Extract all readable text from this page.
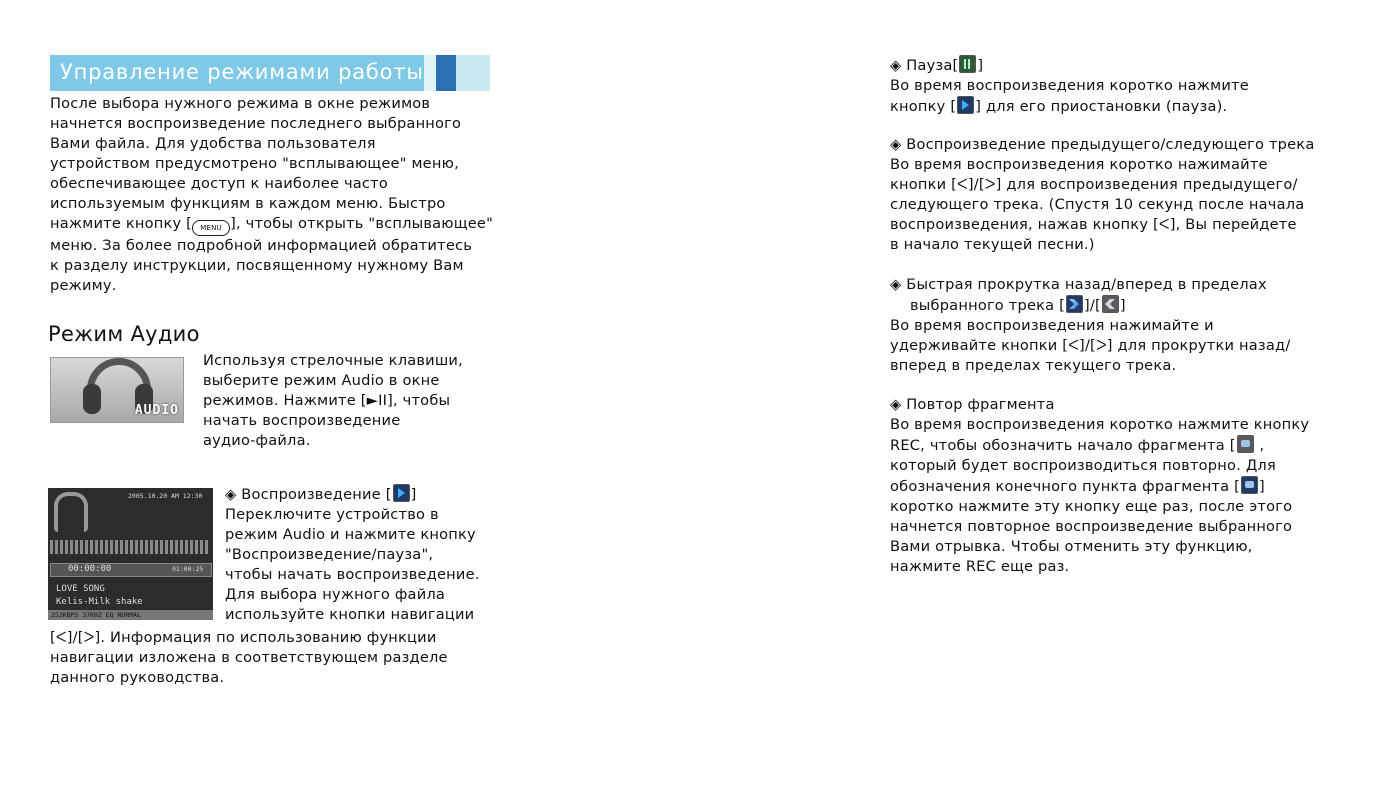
Управление режимами работы
После выбора нужного режима в окне режимов
начнется воспроизведение последнего выбранного
Вами файла. Для удобства пользователя
устройством предусмотрено "всплывающее" меню,
обеспечивающее доступ к наиболее часто
используемым функциям в каждом меню. Быстро
нажмите кнопку [ MENU ], чтобы открыть "всплывающее"
меню. За более подробной информацией обратитесь
к разделу инструкции, посвященному нужному Вам
режиму.
Режим Аудио
AUDIO
Используя стрелочные клавиши,
выберите режим Audio в окне
режимов. Нажмите [►II], чтобы
начать воспроизведение
аудио-файла.
2005.10.20 AM 12:30
00:00:00	01:00:25
LOVE SONG
Kelis-Milk shake
252KBPS 37KHZ EQ NORMAL
◈ Воспроизведение [ ]
Переключите устройство в
режим Audio и нажмите кнопку
"Воспроизведение/пауза",
чтобы начать воспроизведение.
Для выбора нужного файла
используйте кнопки навигации
[ᐸ]/[ᐳ]. Информация по использованию функции
навигации изложена в соответствующем разделе
данного руководства.
◈ Пауза[ ]
Во время воспроизведения коротко нажмите
кнопку [ ] для его приостановки (пауза).
◈ Воспроизведение предыдущего/следующего трека
Во время воспроизведения коротко нажимайте
кнопки [ᐸ]/[ᐳ] для воспроизведения предыдущего/
следующего трека. (Спустя 10 секунд после начала
воспроизведения, нажав кнопку [ᐸ], Вы перейдете
в начало текущей песни.)
◈ Быстрая прокрутка назад/вперед в пределах
выбранного трека [ ]/[ ]
Во время воспроизведения нажимайте и
удерживайте кнопки [ᐸ]/[ᐳ] для прокрутки назад/
вперед в пределах текущего трека.
◈ Повтор фрагмента
Во время воспроизведения коротко нажмите кнопку
REC, чтобы обозначить начало фрагмента [
,
который будет воспроизводиться повторно. Для
обозначения конечного пункта фрагмента [ ]
коротко нажмите эту кнопку еще раз, после этого
начнется повторное воспроизведение выбранного
Вами отрывка. Чтобы отменить эту функцию,
нажмите REC еще раз.
